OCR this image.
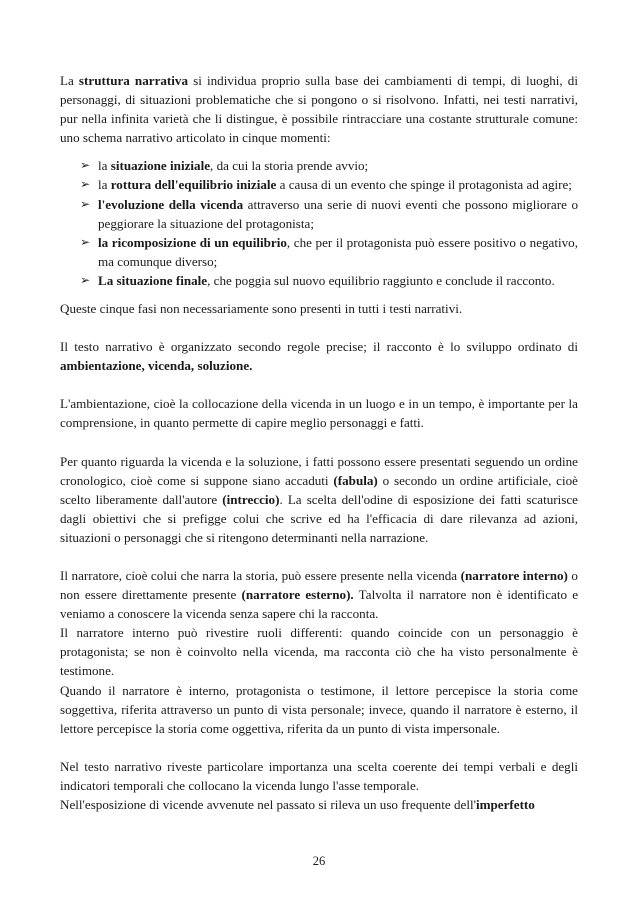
La struttura narrativa si individua proprio sulla base dei cambiamenti di tempi, di luoghi, di personaggi, di situazioni problematiche che si pongono o si risolvono. Infatti, nei testi narrativi, pur nella infinita varietà che li distingue, è possibile rintracciare una costante strutturale comune: uno schema narrativo articolato in cinque momenti:

➢ la situazione iniziale, da cui la storia prende avvio;
➢ la rottura dell'equilibrio iniziale a causa di un evento che spinge il protagonista ad agire;
➢ l'evoluzione della vicenda attraverso una serie di nuovi eventi che possono migliorare o peggiorare la situazione del protagonista;
➢ la ricomposizione di un equilibrio, che per il protagonista può essere positivo o negativo, ma comunque diverso;
➢ La situazione finale, che poggia sul nuovo equilibrio raggiunto e conclude il racconto.

Queste cinque fasi non necessariamente sono presenti in tutti i testi narrativi.

Il testo narrativo è organizzato secondo regole precise; il racconto è lo sviluppo ordinato di ambientazione, vicenda, soluzione.

L'ambientazione, cioè la collocazione della vicenda in un luogo e in un tempo, è importante per la comprensione, in quanto permette di capire meglio personaggi e fatti.

Per quanto riguarda la vicenda e la soluzione, i fatti possono essere presentati seguendo un ordine cronologico, cioè come si suppone siano accaduti (fabula) o secondo un ordine artificiale, cioè scelto liberamente dall'autore (intreccio). La scelta dell'odine di esposizione dei fatti scaturisce dagli obiettivi che si prefigge colui che scrive ed ha l'efficacia di dare rilevanza ad azioni, situazioni o personaggi che si ritengono determinanti nella narrazione.

Il narratore, cioè colui che narra la storia, può essere presente nella vicenda (narratore interno) o non essere direttamente presente (narratore esterno). Talvolta il narratore non è identificato e veniamo a conoscere la vicenda senza sapere chi la racconta.

Il narratore interno può rivestire ruoli differenti: quando coincide con un personaggio è protagonista; se non è coinvolto nella vicenda, ma racconta ciò che ha visto personalmente è testimone.

Quando il narratore è interno, protagonista o testimone, il lettore percepisce la storia come soggettiva, riferita attraverso un punto di vista personale; invece, quando il narratore è esterno, il lettore percepisce la storia come oggettiva, riferita da un punto di vista impersonale.

Nel testo narrativo riveste particolare importanza una scelta coerente dei tempi verbali e degli indicatori temporali che collocano la vicenda lungo l'asse temporale.

Nell'esposizione di vicende avvenute nel passato si rileva un uso frequente dell'imperfetto

26
